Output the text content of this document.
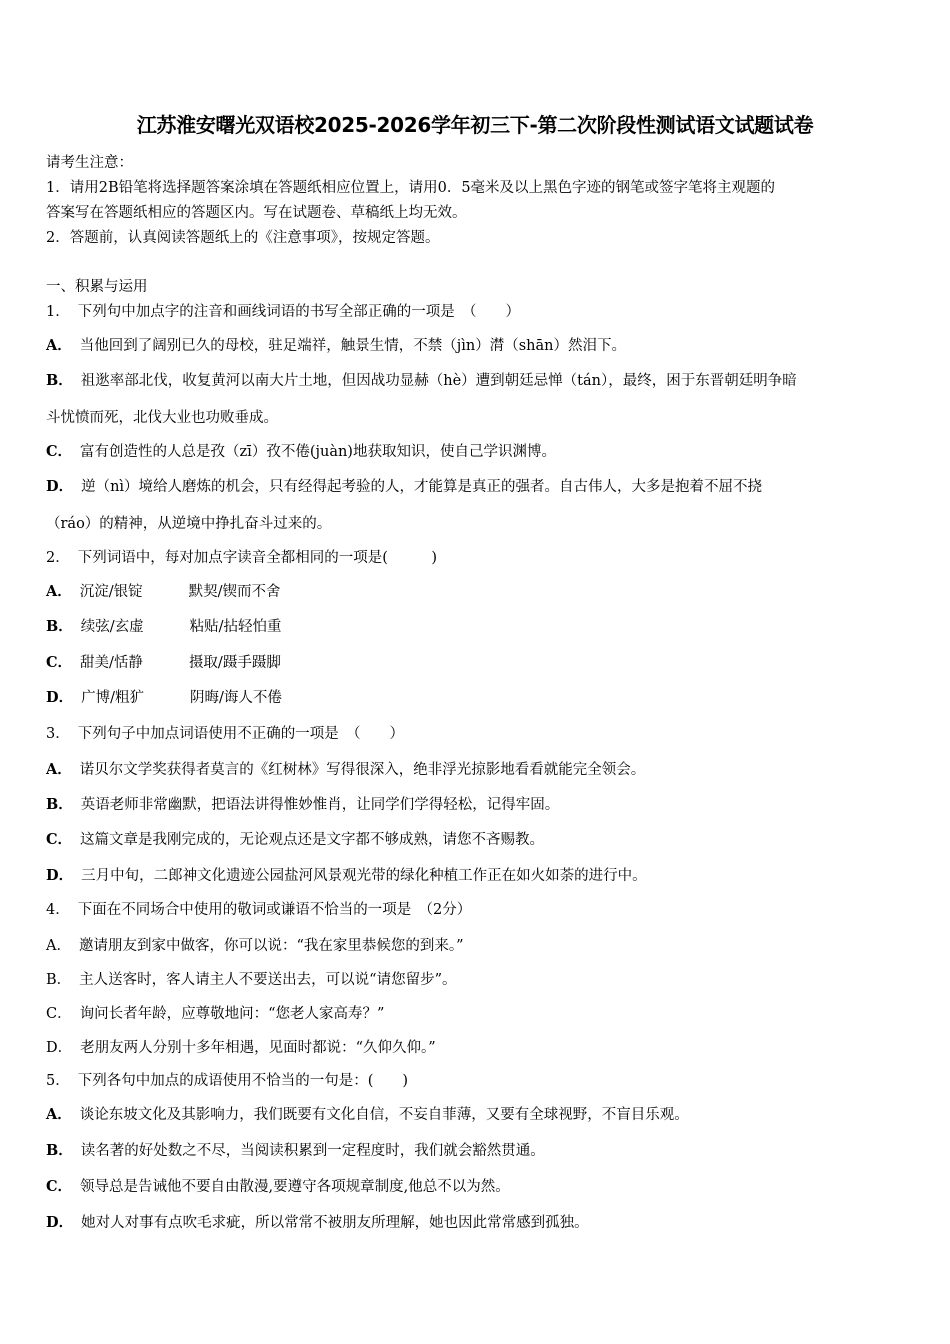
江苏淮安曙光双语校2025-2026学年初三下-第二次阶段性测试语文试题试卷
请考生注意：
1．请用2B铅笔将选择题答案涂填在答题纸相应位置上，请用0．5毫米及以上黑色字迹的钢笔或签字笔将主观题的
答案写在答题纸相应的答题区内。写在试题卷、草稿纸上均无效。
2．答题前，认真阅读答题纸上的《注意事项》，按规定答题。
一、积累与运用
1． 下列句中加点字的注音和画线词语的书写全部正确的一项是　（　　）
A． 当他回到了阔别已久的母校，驻足端祥，触景生情，不禁（jìn）潸（shān）然泪下。
B． 祖逖率部北伐，收复黄河以南大片土地，但因战功显赫（hè）遭到朝廷忌惮（tán），最终，困于东晋朝廷明争暗
斗忧愤而死，北伐大业也功败垂成。
C． 富有创造性的人总是孜（zī）孜不倦(juàn)地获取知识，使自己学识渊博。
D． 逆（nì）境给人磨炼的机会，只有经得起考验的人，才能算是真正的强者。自古伟人，大多是抱着不屈不挠
（ráo）的精神，从逆境中挣扎奋斗过来的。
2． 下列词语中，每对加点字读音全都相同的一项是(　　　)
A． 沉淀/银锭	默契/锲而不舍
B． 续弦/玄虚	粘贴/拈轻怕重
C． 甜美/恬静	摄取/蹑手蹑脚
D． 广博/粗犷	阴晦/诲人不倦
3． 下列句子中加点词语使用不正确的一项是　（　　）
A． 诺贝尔文学奖获得者莫言的《红树林》写得很深入，绝非浮光掠影地看看就能完全领会。
B． 英语老师非常幽默，把语法讲得惟妙惟肖，让同学们学得轻松，记得牢固。
C． 这篇文章是我刚完成的，无论观点还是文字都不够成熟，请您不吝赐教。
D． 三月中旬，二郎神文化遗迹公园盐河风景观光带的绿化种植工作正在如火如荼的进行中。
4． 下面在不同场合中使用的敬词或谦语不恰当的一项是　（2分）
A． 邀请朋友到家中做客，你可以说：“我在家里恭候您的到来。”
B． 主人送客时，客人请主人不要送出去，可以说“请您留步”。
C． 询问长者年龄，应尊敬地问：“您老人家高寿？”
D． 老朋友两人分别十多年相遇，见面时都说：“久仰久仰。”
5． 下列各句中加点的成语使用不恰当的一句是：(　　)
A． 谈论东坡文化及其影响力，我们既要有文化自信，不妄自菲薄，又要有全球视野，不盲目乐观。
B． 读名著的好处数之不尽，当阅读积累到一定程度时，我们就会豁然贯通。
C． 领导总是告诫他不要自由散漫,要遵守各项规章制度,他总不以为然。
D． 她对人对事有点吹毛求疵，所以常常不被朋友所理解，她也因此常常感到孤独。
